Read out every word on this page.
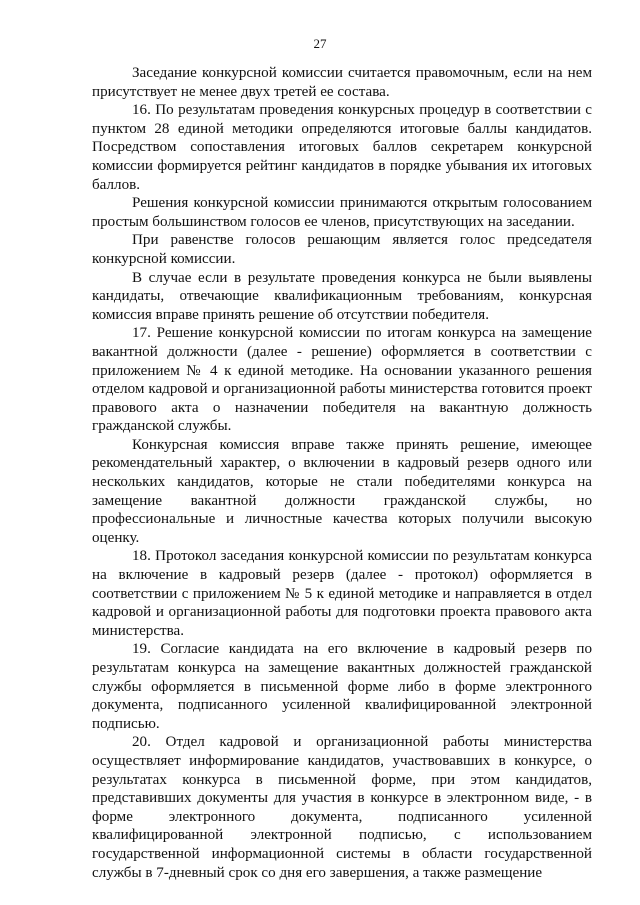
27

Заседание конкурсной комиссии считается правомочным, если на нем присутствует не менее двух третей ее состава.

16. По результатам проведения конкурсных процедур в соответствии с пунктом 28 единой методики определяются итоговые баллы кандидатов. Посредством сопоставления итоговых баллов секретарем конкурсной комиссии формируется рейтинг кандидатов в порядке убывания их итоговых баллов.

Решения конкурсной комиссии принимаются открытым голосованием простым большинством голосов ее членов, присутствующих на заседании.

При равенстве голосов решающим является голос председателя конкурсной комиссии.

В случае если в результате проведения конкурса не были выявлены кандидаты, отвечающие квалификационным требованиям, конкурсная комиссия вправе принять решение об отсутствии победителя.

17. Решение конкурсной комиссии по итогам конкурса на замещение вакантной должности (далее - решение) оформляется в соответствии с приложением № 4 к единой методике. На основании указанного решения отделом кадровой и организационной работы министерства готовится проект правового акта о назначении победителя на вакантную должность гражданской службы.

Конкурсная комиссия вправе также принять решение, имеющее рекомендательный характер, о включении в кадровый резерв одного или нескольких кандидатов, которые не стали победителями конкурса на замещение вакантной должности гражданской службы, но профессиональные и личностные качества которых получили высокую оценку.

18. Протокол заседания конкурсной комиссии по результатам конкурса на включение в кадровый резерв (далее - протокол) оформляется в соответствии с приложением № 5 к единой методике и направляется в отдел кадровой и организационной работы для подготовки проекта правового акта министерства.

19. Согласие кандидата на его включение в кадровый резерв по результатам конкурса на замещение вакантных должностей гражданской службы оформляется в письменной форме либо в форме электронного документа, подписанного усиленной квалифицированной электронной подписью.

20. Отдел кадровой и организационной работы министерства осуществляет информирование кандидатов, участвовавших в конкурсе, о результатах конкурса в письменной форме, при этом кандидатов, представивших документы для участия в конкурсе в электронном виде, - в форме электронного документа, подписанного усиленной квалифицированной электронной подписью, с использованием государственной информационной системы в области государственной службы в 7-дневный срок со дня его завершения, а также размещение
